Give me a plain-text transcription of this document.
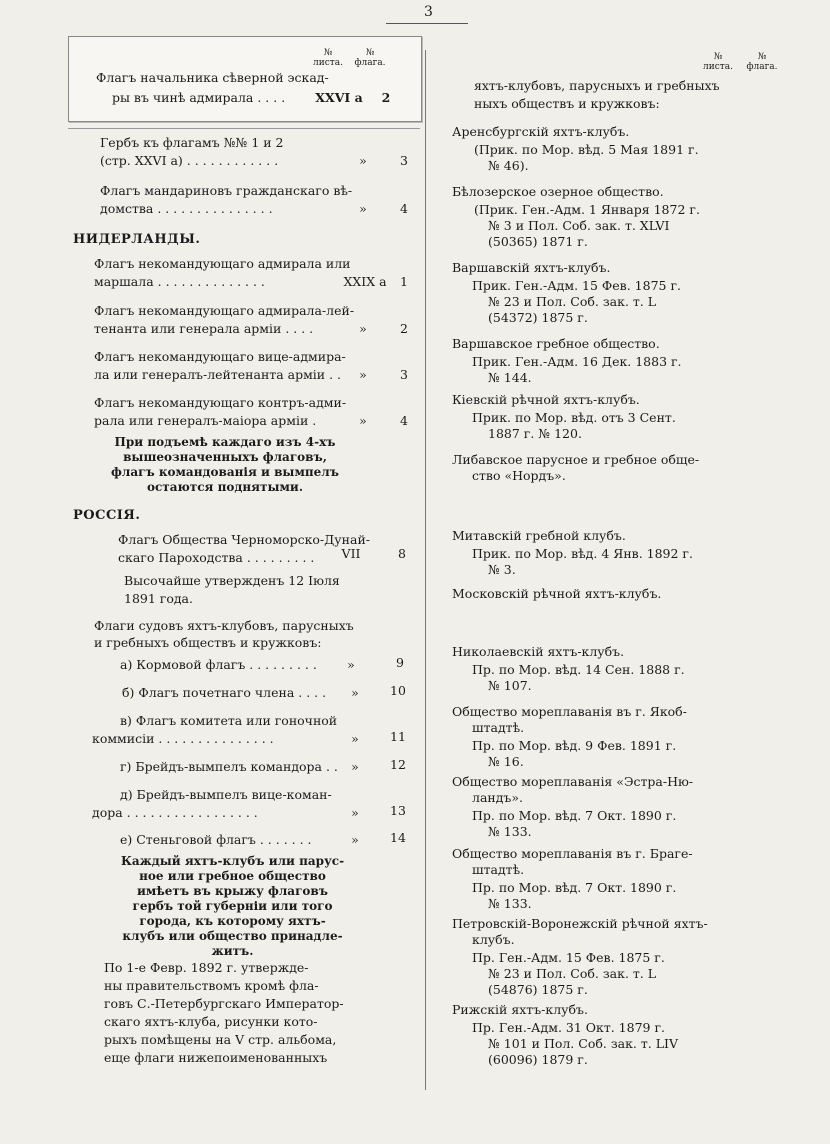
3
№
листа.
№
флага.
№
листа.
№
флага.
Флагъ начальника сѣверной эскад-
ры въ чинѣ адмирала . . . . XXVI а	2
Гербъ къ флагамъ №№ 1 и 2
(стр. XXVI а) . . . . . . . . . . . .	»	3
Флагъ мандариновъ гражданскаго вѣ-
домства . . . . . . . . . . . . . . .	»	4
НИДЕРЛАНДЫ.
Флагъ некомандующаго адмирала или
маршала . . . . . . . . . . . . . .	XXIX а	1
Флагъ некомандующаго адмирала-лей-
тенанта или генерала арміи . . . .	»	2
Флагъ некомандующаго вице-адмира-
ла или генералъ-лейтенанта арміи . .	»	3
Флагъ некомандующаго контръ-адми-
рала или генералъ-маіора арміи .	»	4
При подъемѣ каждаго изъ 4-хъ
вышеозначенныхъ флаговъ,
флагъ командованія и вымпелъ
остаются поднятыми.
РОССІЯ.
Флагъ Общества Черноморско-Дунай-
скаго Пароходства . . . . . . . . .	VII	8
Высочайше утвержденъ 12 Іюля
1891 года.
Флаги судовъ яхтъ-клубовъ, парусныхъ
и гребныхъ обществъ и кружковъ:
а) Кормовой флагъ . . . . . . . . .	»	9
б) Флагъ почетнаго члена . . . .	»	10
в) Флагъ комитета или гоночной
коммисіи . . . . . . . . . . . . . . .	»	11
г) Брейдъ-вымпелъ командора . .	»	12
д) Брейдъ-вымпелъ вице-коман-
дора . . . . . . . . . . . . . . . . .	»	13
е) Стеньговой флагъ . . . . . . .	»	14
Каждый яхтъ-клубъ или парус-
ное или гребное общество
имѣетъ въ крыжу флаговъ
гербъ той губерніи или того
города, къ которому яхтъ-
клубъ или общество принадле-
житъ.
По 1-е Февр. 1892 г. утвержде-
ны правительствомъ кромѣ фла-
говъ С.-Петербургскаго Император-
скаго яхтъ-клуба, рисунки кото-
рыхъ помѣщены на V стр. альбома,
еще флаги нижепоименованныхъ
яхтъ-клубовъ, парусныхъ и гребныхъ
ныхъ обществъ и кружковъ:
Аренсбургскій яхтъ-клубъ.
(Прик. по Мор. вѣд. 5 Мая 1891 г.
№ 46).
Бѣлозерское озерное общество.
(Прик. Ген.-Адм. 1 Января 1872 г.
№ 3 и Пол. Соб. зак. т. XLVI
(50365) 1871 г.
Варшавскій яхтъ-клубъ.
Прик. Ген.-Адм. 15 Фев. 1875 г.
№ 23 и Пол. Соб. зак. т. L
(54372) 1875 г.
Варшавское гребное общество.
Прик. Ген.-Адм. 16 Дек. 1883 г.
№ 144.
Кіевскій рѣчной яхтъ-клубъ.
Прик. по Мор. вѣд. отъ 3 Сент.
1887 г. № 120.
Либавское парусное и гребное обще-
ство «Нордъ».
Митавскій гребной клубъ.
Прик. по Мор. вѣд. 4 Янв. 1892 г.
№ 3.
Московскій рѣчной яхтъ-клубъ.
Николаевскій яхтъ-клубъ.
Пр. по Мор. вѣд. 14 Сен. 1888 г.
№ 107.
Общество мореплаванія въ г. Якоб-
штадтѣ.
Пр. по Мор. вѣд. 9 Фев. 1891 г.
№ 16.
Общество мореплаванія «Эстра-Ню-
ландъ».
Пр. по Мор. вѣд. 7 Окт. 1890 г.
№ 133.
Общество мореплаванія въ г. Браге-
штадтѣ.
Пр. по Мор. вѣд. 7 Окт. 1890 г.
№ 133.
Петровскій-Воронежскій рѣчной яхтъ-
клубъ.
Пр. Ген.-Адм. 15 Фев. 1875 г.
№ 23 и Пол. Соб. зак. т. L
(54876) 1875 г.
Рижскій яхтъ-клубъ.
Пр. Ген.-Адм. 31 Окт. 1879 г.
№ 101 и Пол. Соб. зак. т. LIV
(60096) 1879 г.
